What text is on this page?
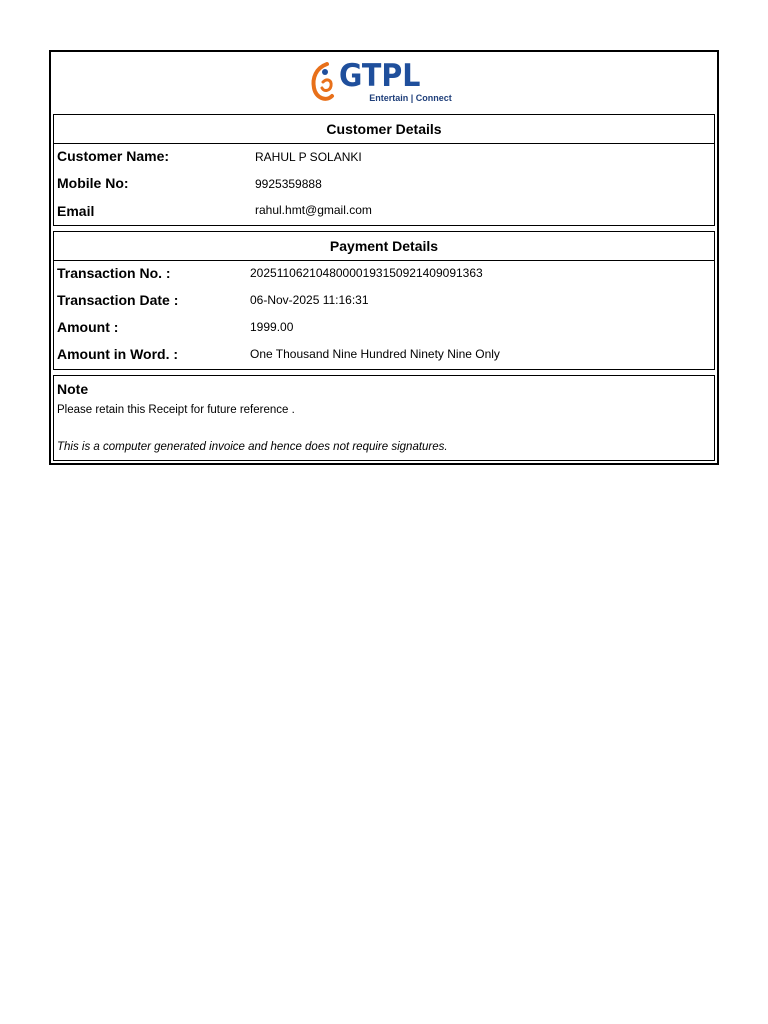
GTPL
Entertain | Connect
Customer Details
Customer Name:	RAHUL P SOLANKI
Mobile No:	9925359888
Email	rahul.hmt@gmail.com
Payment Details
Transaction No. :	20251106210480000193150921409091363
Transaction Date :	06-Nov-2025 11:16:31
Amount :	1999.00
Amount in Word. :	One Thousand Nine Hundred Ninety Nine Only
Note
Please retain this Receipt for future reference .
This is a computer generated invoice and hence does not require signatures.
